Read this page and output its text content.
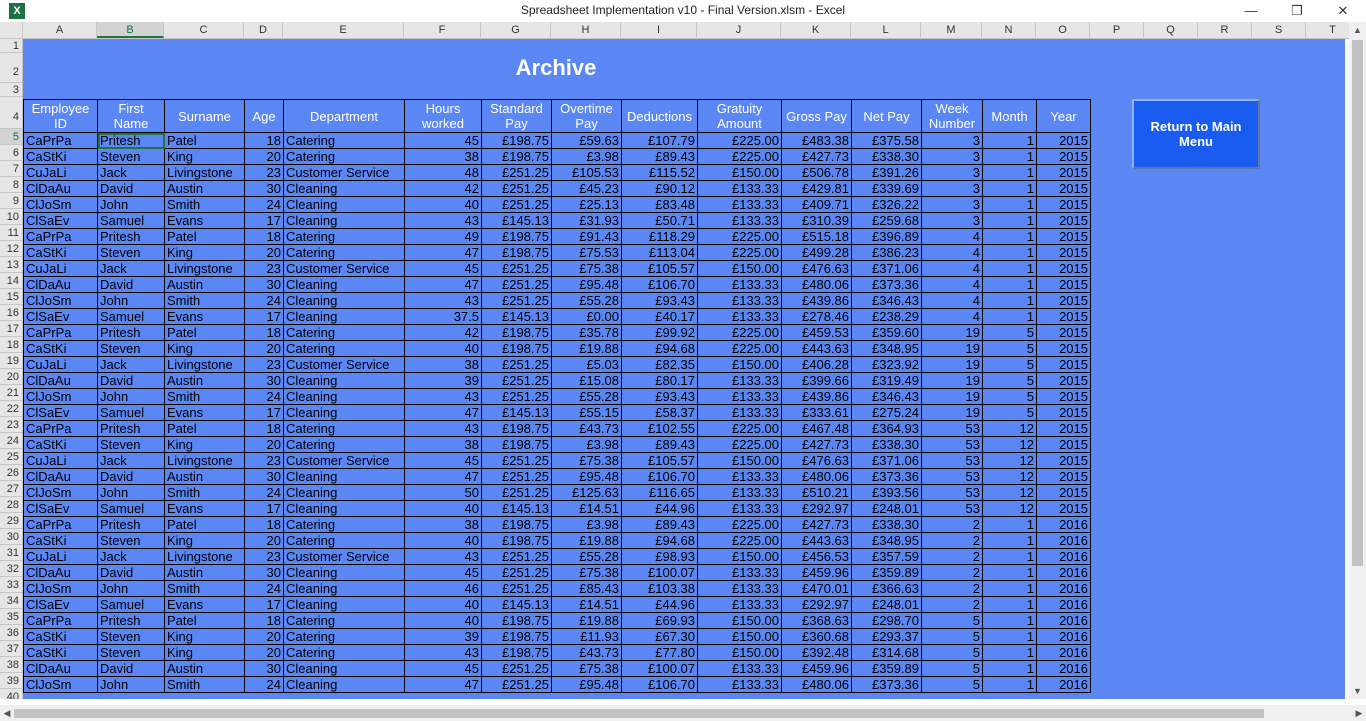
X	Spreadsheet Implementation v10 - Final Version.xlsm - Excel	—	❐	✕
A	B	C	D	E	F	G	H	I	J	K	L	M	N	O	P	Q	R	S	T
1
2
3
4
5
6
7
8
9
10
11
12
13
14
15
16
17
18
19
20
21
22
23
24
25
26
27
28
29
30
31
32
33
34
35
36
37
38
39
40
Archive
Employee ID	First Name	Surname	Age	Department	Hours worked	Standard Pay	Overtime Pay	Deductions	Gratuity Amount	Gross Pay	Net Pay	Week Number	Month	Year
CaPrPa	Pritesh	Patel	18	Catering	45	£198.75	£59.63	£107.79	£225.00	£483.38	£375.58	3	1	2015
CaStKi	Steven	King	20	Catering	38	£198.75	£3.98	£89.43	£225.00	£427.73	£338.30	3	1	2015
CuJaLi	Jack	Livingstone	23	Customer Service	48	£251.25	£105.53	£115.52	£150.00	£506.78	£391.26	3	1	2015
ClDaAu	David	Austin	30	Cleaning	42	£251.25	£45.23	£90.12	£133.33	£429.81	£339.69	3	1	2015
ClJoSm	John	Smith	24	Cleaning	40	£251.25	£25.13	£83.48	£133.33	£409.71	£326.22	3	1	2015
ClSaEv	Samuel	Evans	17	Cleaning	43	£145.13	£31.93	£50.71	£133.33	£310.39	£259.68	3	1	2015
CaPrPa	Pritesh	Patel	18	Catering	49	£198.75	£91.43	£118.29	£225.00	£515.18	£396.89	4	1	2015
CaStKi	Steven	King	20	Catering	47	£198.75	£75.53	£113.04	£225.00	£499.28	£386.23	4	1	2015
CuJaLi	Jack	Livingstone	23	Customer Service	45	£251.25	£75.38	£105.57	£150.00	£476.63	£371.06	4	1	2015
ClDaAu	David	Austin	30	Cleaning	47	£251.25	£95.48	£106.70	£133.33	£480.06	£373.36	4	1	2015
ClJoSm	John	Smith	24	Cleaning	43	£251.25	£55.28	£93.43	£133.33	£439.86	£346.43	4	1	2015
ClSaEv	Samuel	Evans	17	Cleaning	37.5	£145.13	£0.00	£40.17	£133.33	£278.46	£238.29	4	1	2015
CaPrPa	Pritesh	Patel	18	Catering	42	£198.75	£35.78	£99.92	£225.00	£459.53	£359.60	19	5	2015
CaStKi	Steven	King	20	Catering	40	£198.75	£19.88	£94.68	£225.00	£443.63	£348.95	19	5	2015
CuJaLi	Jack	Livingstone	23	Customer Service	38	£251.25	£5.03	£82.35	£150.00	£406.28	£323.92	19	5	2015
ClDaAu	David	Austin	30	Cleaning	39	£251.25	£15.08	£80.17	£133.33	£399.66	£319.49	19	5	2015
ClJoSm	John	Smith	24	Cleaning	43	£251.25	£55.28	£93.43	£133.33	£439.86	£346.43	19	5	2015
ClSaEv	Samuel	Evans	17	Cleaning	47	£145.13	£55.15	£58.37	£133.33	£333.61	£275.24	19	5	2015
CaPrPa	Pritesh	Patel	18	Catering	43	£198.75	£43.73	£102.55	£225.00	£467.48	£364.93	53	12	2015
CaStKi	Steven	King	20	Catering	38	£198.75	£3.98	£89.43	£225.00	£427.73	£338.30	53	12	2015
CuJaLi	Jack	Livingstone	23	Customer Service	45	£251.25	£75.38	£105.57	£150.00	£476.63	£371.06	53	12	2015
ClDaAu	David	Austin	30	Cleaning	47	£251.25	£95.48	£106.70	£133.33	£480.06	£373.36	53	12	2015
ClJoSm	John	Smith	24	Cleaning	50	£251.25	£125.63	£116.65	£133.33	£510.21	£393.56	53	12	2015
ClSaEv	Samuel	Evans	17	Cleaning	40	£145.13	£14.51	£44.96	£133.33	£292.97	£248.01	53	12	2015
CaPrPa	Pritesh	Patel	18	Catering	38	£198.75	£3.98	£89.43	£225.00	£427.73	£338.30	2	1	2016
CaStKi	Steven	King	20	Catering	40	£198.75	£19.88	£94.68	£225.00	£443.63	£348.95	2	1	2016
CuJaLi	Jack	Livingstone	23	Customer Service	43	£251.25	£55.28	£98.93	£150.00	£456.53	£357.59	2	1	2016
ClDaAu	David	Austin	30	Cleaning	45	£251.25	£75.38	£100.07	£133.33	£459.96	£359.89	2	1	2016
ClJoSm	John	Smith	24	Cleaning	46	£251.25	£85.43	£103.38	£133.33	£470.01	£366.63	2	1	2016
ClSaEv	Samuel	Evans	17	Cleaning	40	£145.13	£14.51	£44.96	£133.33	£292.97	£248.01	2	1	2016
CaPrPa	Pritesh	Patel	18	Catering	40	£198.75	£19.88	£69.93	£150.00	£368.63	£298.70	5	1	2016
CaStKi	Steven	King	20	Catering	39	£198.75	£11.93	£67.30	£150.00	£360.68	£293.37	5	1	2016
CaStKi	Steven	King	20	Catering	43	£198.75	£43.73	£77.80	£150.00	£392.48	£314.68	5	1	2016
ClDaAu	David	Austin	30	Cleaning	45	£251.25	£75.38	£100.07	£133.33	£459.96	£359.89	5	1	2016
ClJoSm	John	Smith	24	Cleaning	47	£251.25	£95.48	£106.70	£133.33	£480.06	£373.36	5	1	2016
Return to Main Menu
▲
▼
◀	▶
